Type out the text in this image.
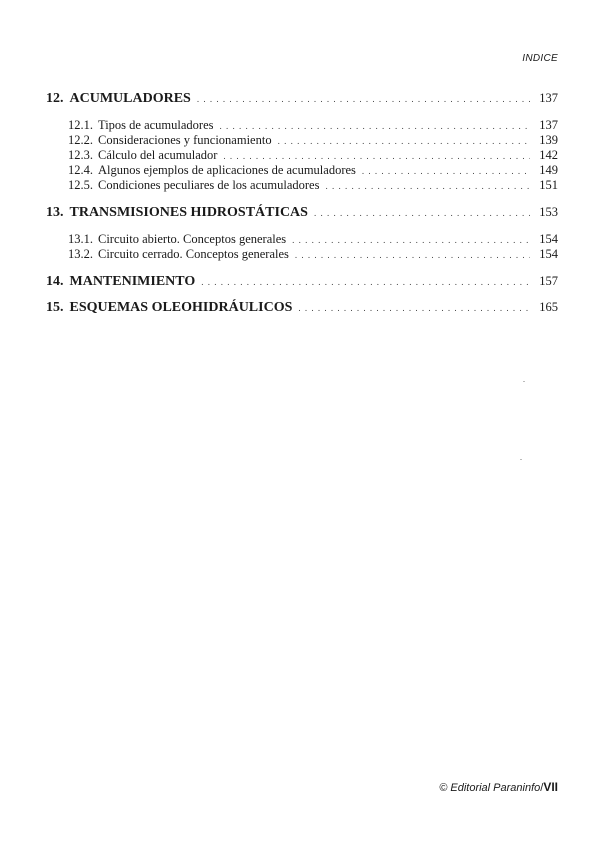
INDICE
12. ACUMULADORES . . .	137
12.1. Tipos de acumuladores . . .	137
12.2. Consideraciones y funcionamiento . . .	139
12.3. Cálculo del acumulador . . .	142
12.4. Algunos ejemplos de aplicaciones de acumuladores . . .	149
12.5. Condiciones peculiares de los acumuladores . . .	151
13. TRANSMISIONES HIDROSTÁTICAS . . .	153
13.1. Circuito abierto. Conceptos generales . . .	154
13.2. Circuito cerrado. Conceptos generales . . .	154
14. MANTENIMIENTO . . .	157
15. ESQUEMAS OLEOHIDRÁULICOS . . .	165
© Editorial Paraninfo/VII
